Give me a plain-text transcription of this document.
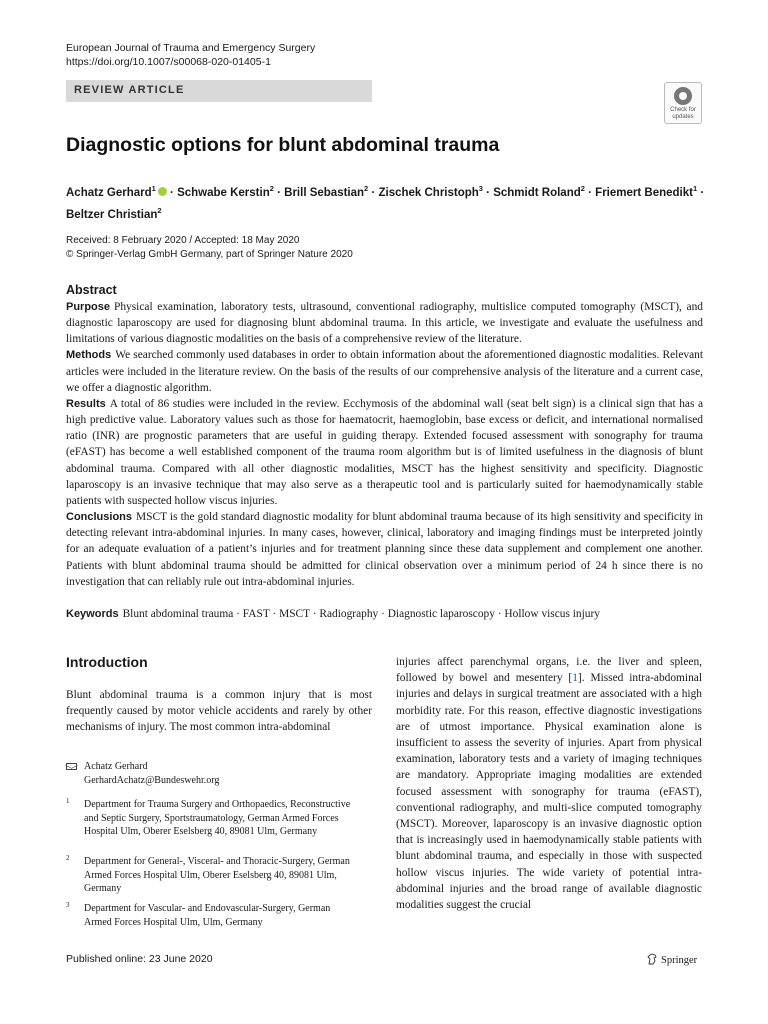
European Journal of Trauma and Emergency Surgery
https://doi.org/10.1007/s00068-020-01405-1
REVIEW ARTICLE
Check for updates
Diagnostic options for blunt abdominal trauma
Achatz Gerhard$^1$ · Schwabe Kerstin$^2$ · Brill Sebastian$^2$ · Zischek Christoph$^3$ · Schmidt Roland$^2$ · Friemert Benedikt$^1$ · Beltzer Christian$^2$
Received: 8 February 2020 / Accepted: 18 May 2020
© Springer-Verlag GmbH Germany, part of Springer Nature 2020
Abstract

Purpose Physical examination, laboratory tests, ultrasound, conventional radiography, multislice computed tomography (MSCT), and diagnostic laparoscopy are used for diagnosing blunt abdominal trauma. In this article, we investigate and evaluate the usefulness and limitations of various diagnostic modalities on the basis of a comprehensive review of the literature.

Methods We searched commonly used databases in order to obtain information about the aforementioned diagnostic modalities. Relevant articles were included in the literature review. On the basis of the results of our comprehensive analysis of the literature and a current case, we offer a diagnostic algorithm.

Results A total of 86 studies were included in the review. Ecchymosis of the abdominal wall (seat belt sign) is a clinical sign that has a high predictive value. Laboratory values such as those for haematocrit, haemoglobin, base excess or deficit, and international normalised ratio (INR) are prognostic parameters that are useful in guiding therapy. Extended focused assessment with sonography for trauma (eFAST) has become a well established component of the trauma room algorithm but is of limited usefulness in the diagnosis of blunt abdominal trauma. Compared with all other diagnostic modalities, MSCT has the highest sensitivity and specificity. Diagnostic laparoscopy is an invasive technique that may also serve as a therapeutic tool and is particularly suited for haemodynamically stable patients with suspected hollow viscus injuries.

Conclusions MSCT is the gold standard diagnostic modality for blunt abdominal trauma because of its high sensitivity and specificity in detecting relevant intra-abdominal injuries. In many cases, however, clinical, laboratory and imaging findings must be interpreted jointly for an adequate evaluation of a patient’s injuries and for treatment planning since these data supplement and complement one another. Patients with blunt abdominal trauma should be admitted for clinical observation over a minimum period of 24 h since there is no investigation that can reliably rule out intra-abdominal injuries.

Keywords Blunt abdominal trauma · FAST · MSCT · Radiography · Diagnostic laparoscopy · Hollow viscus injury
Introduction
Blunt abdominal trauma is a common injury that is most frequently caused by motor vehicle accidents and rarely by other mechanisms of injury. The most common intra-abdominal
injuries affect parenchymal organs, i.e. the liver and spleen, followed by bowel and mesentery [1]. Missed intra-abdominal injuries and delays in surgical treatment are associated with a high morbidity rate. For this reason, effective diagnostic investigations are of utmost importance. Physical examination alone is insufficient to assess the severity of injuries. Apart from physical examination, laboratory tests and a variety of imaging techniques are mandatory. Appropriate imaging modalities are extended focused assessment with sonography for trauma (eFAST), conventional radiography, and multi-slice computed tomography (MSCT). Moreover, laparoscopy is an invasive diagnostic option that is increasingly used in haemodynamically stable patients with blunt abdominal trauma, and especially in those with suspected hollow viscus injuries. The wide variety of potential intra-abdominal injuries and the broad range of available diagnostic modalities suggest the crucial
Achatz Gerhard
GerhardAchatz@Bundeswehr.org
1 Department for Trauma Surgery and Orthopaedics, Reconstructive and Septic Surgery, Sportstraumatology, German Armed Forces Hospital Ulm, Oberer Eselsberg 40, 89081 Ulm, Germany
2 Department for General-, Visceral- and Thoracic-Surgery, German Armed Forces Hospital Ulm, Oberer Eselsberg 40, 89081 Ulm, Germany
3 Department for Vascular- and Endovascular-Surgery, German Armed Forces Hospital Ulm, Ulm, Germany
Published online: 23 June 2020	Springer
